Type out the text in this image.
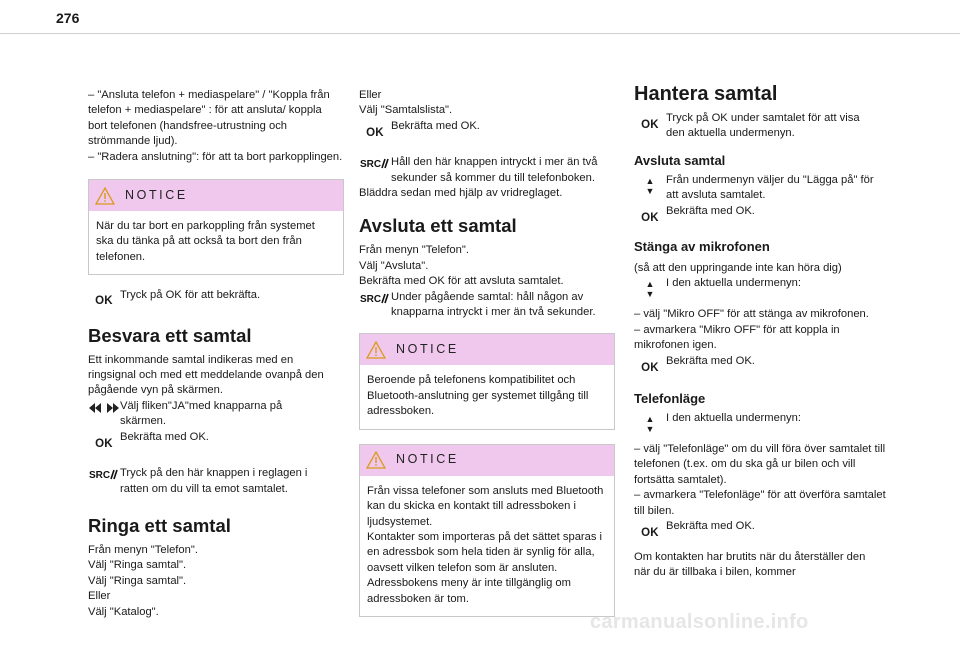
276

– "Ansluta telefon + mediaspelare" / "Koppla från telefon + mediaspelare" : för att ansluta/ koppla bort telefonen (handsfree-utrustning och strömmande ljud).

– "Radera anslutning": för att ta bort parkopplingen.

NOTICE
När du tar bort en parkoppling från systemet ska du tänka på att också ta bort den från telefonen.
OK Tryck på OK för att bekräfta.

Besvara ett samtal

Ett inkommande samtal indikeras med en ringsignal och med ett meddelande ovanpå den pågående vyn på skärmen.

Välj fliken"JA"med knapparna på skärmen.

OK

Bekräfta med OK.

SRC Tryck på den här knappen i reglagen i ratten om du vill ta emot samtalet.

Ringa ett samtal

Från menyn "Telefon".

Välj "Ringa samtal".

Välj "Ringa samtal".

Eller

Välj "Katalog".

Eller

Välj "Samtalslista".

OK

Bekräfta med OK.

SRC Håll den här knappen intryckt i mer än två sekunder så kommer du till telefonboken.

Bläddra sedan med hjälp av vridreglaget.

Avsluta ett samtal

Från menyn "Telefon".

Välj "Avsluta".

Bekräfta med OK för att avsluta samtalet.

SRC Under pågående samtal: håll någon av knapparna intryckt i mer än två sekunder.

NOTICE
Beroende på telefonens kompatibilitet och Bluetooth-anslutning ger systemet tillgång till adressboken.
NOTICE
Från vissa telefoner som ansluts med Bluetooth kan du skicka en kontakt till adressboken i ljudsystemet.
Kontakter som importeras på det sättet sparas i en adressbok som hela tiden är synlig för alla, oavsett vilken telefon som är ansluten.
Adressbokens meny är inte tillgänglig om adressboken är tom.
Hantera samtal
OK

Tryck på OK under samtalet för att visa den aktuella undermenyn.

Avsluta samtal
▲
▼

Från undermenyn väljer du "Lägga på" för att avsluta samtalet.

OK

Bekräfta med OK.

Stänga av mikrofonen

(så att den uppringande inte kan höra dig)

▲
▼

I den aktuella undermenyn:

– välj "Mikro OFF" för att stänga av mikrofonen.

– avmarkera "Mikro OFF" för att koppla in mikrofonen igen.

OK

Bekräfta med OK.

Telefonläge
▲
▼

I den aktuella undermenyn:

– välj "Telefonläge" om du vill föra över samtalet till telefonen (t.ex. om du ska gå ur bilen och vill fortsätta samtalet).

– avmarkera "Telefonläge" för att överföra samtalet till bilen.

OK

Bekräfta med OK.

Om kontakten har brutits när du återställer den när du är tillbaka i bilen, kommer

carmanualsonline.info
